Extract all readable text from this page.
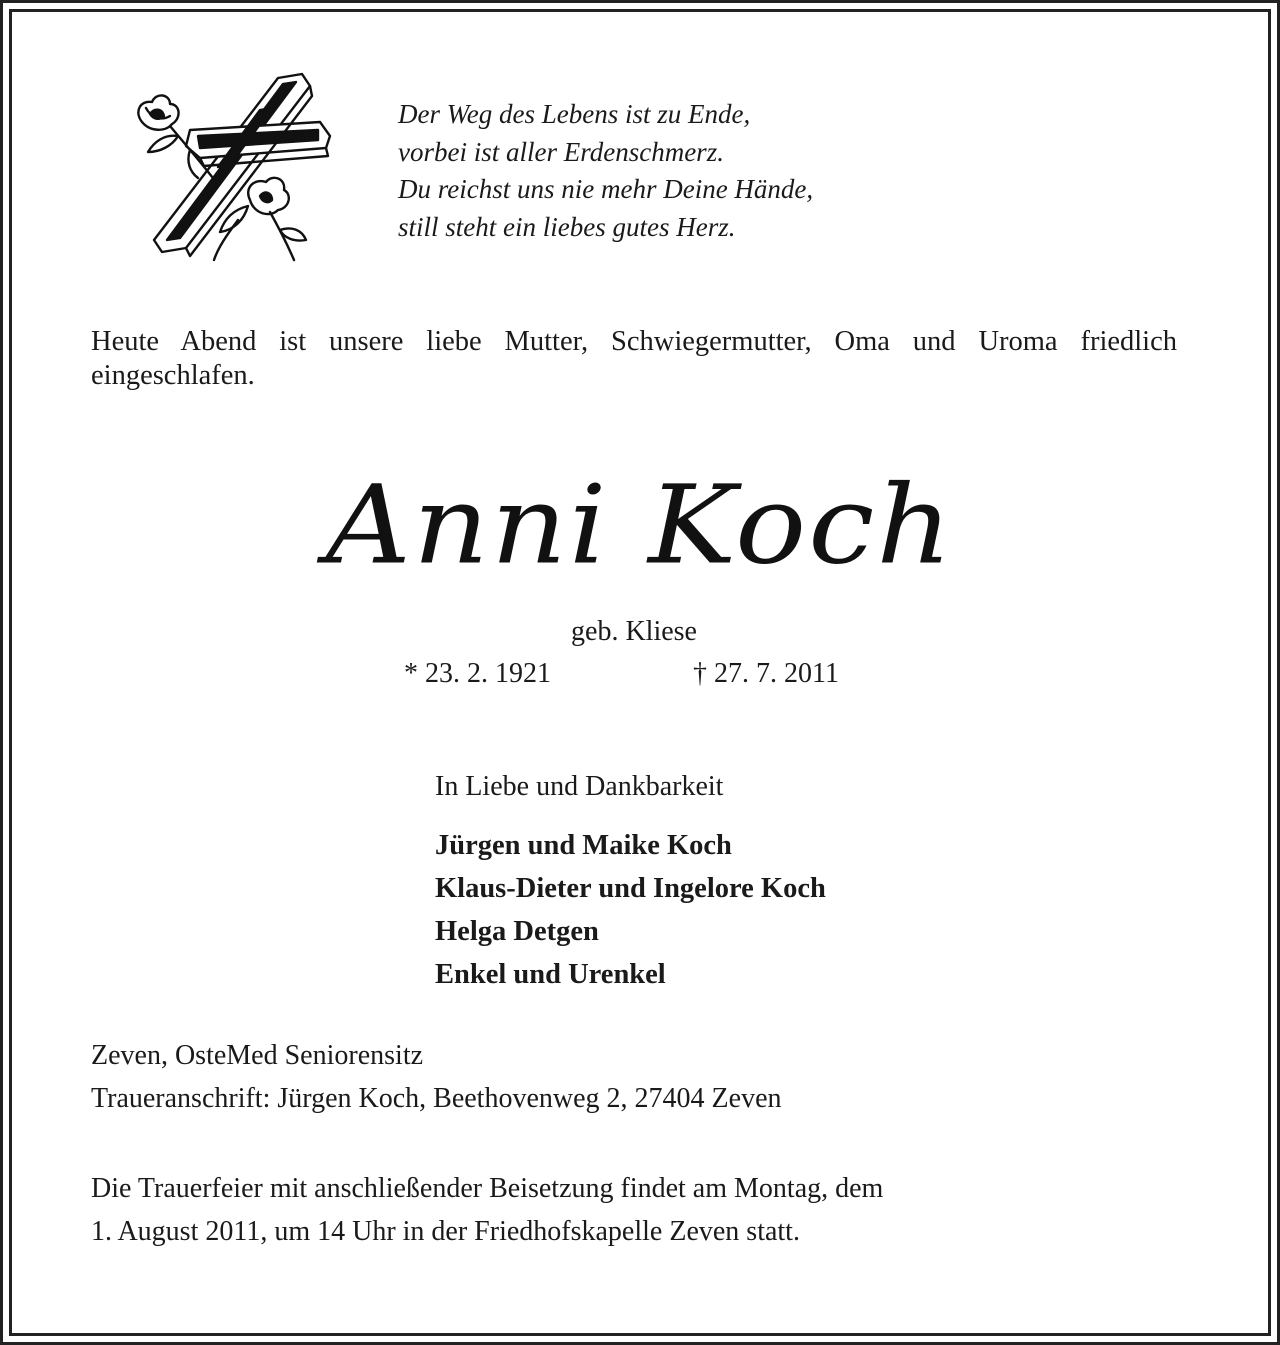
Der Weg des Lebens ist zu Ende,
vorbei ist aller Erdenschmerz.
Du reichst uns nie mehr Deine Hände,
still steht ein liebes gutes Herz.
Heute Abend ist unsere liebe Mutter, Schwiegermutter, Oma und Uroma friedlich eingeschlafen.
Anni Koch
geb. Kliese
* 23. 2. 1921	† 27. 7. 2011
In Liebe und Dankbarkeit
Jürgen und Maike Koch
Klaus-Dieter und Ingelore Koch
Helga Detgen
Enkel und Urenkel
Zeven, OsteMed Seniorensitz
Traueranschrift: Jürgen Koch, Beethovenweg 2, 27404 Zeven
Die Trauerfeier mit anschließender Beisetzung findet am Montag, dem
1. August 2011, um 14 Uhr in der Friedhofskapelle Zeven statt.
